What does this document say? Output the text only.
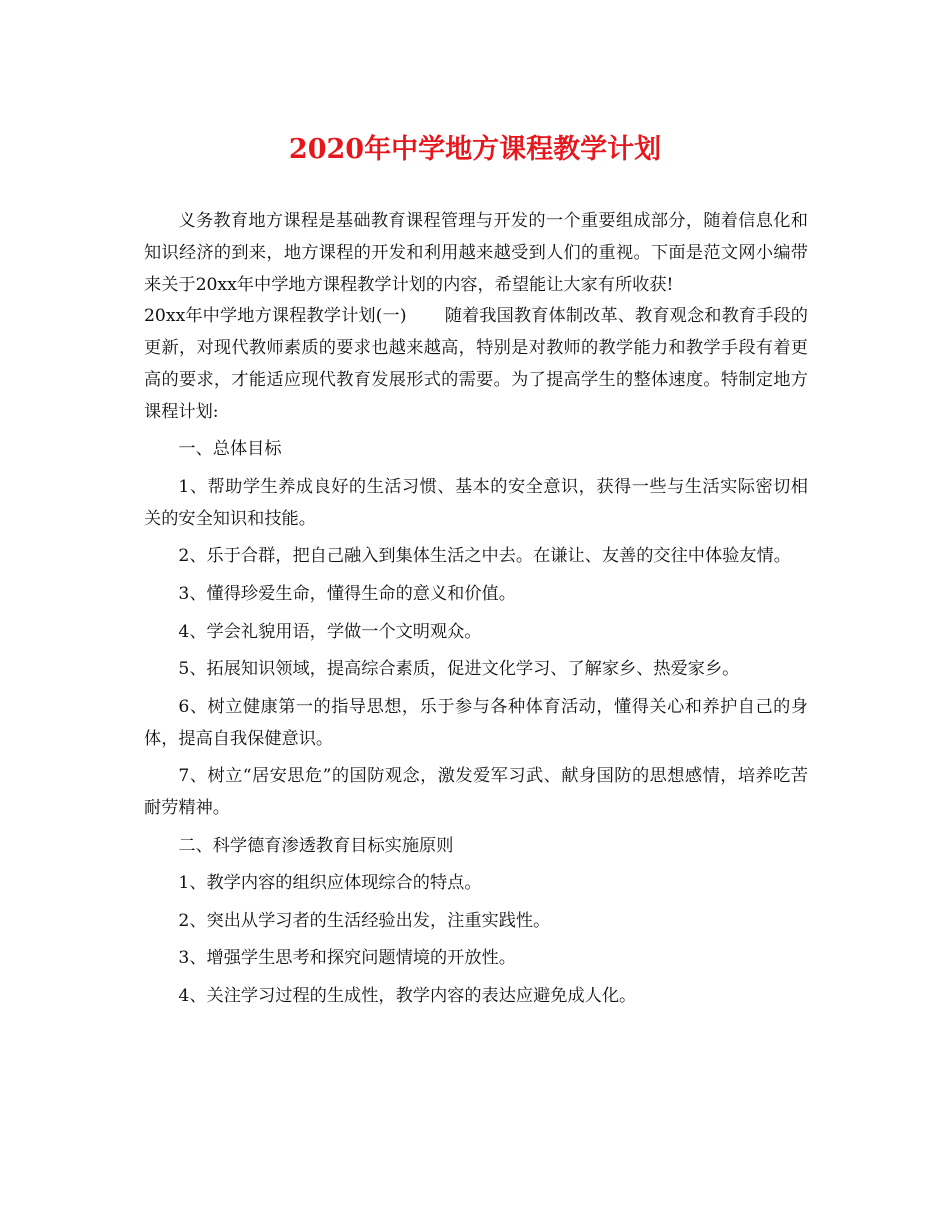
2020年中学地方课程教学计划

义务教育地方课程是基础教育课程管理与开发的一个重要组成部分，随着信息化和知识经济的到来，地方课程的开发和利用越来越受到人们的重视。下面是范文网小编带来关于20xx年中学地方课程教学计划的内容，希望能让大家有所收获!

20xx年中学地方课程教学计划(一) 随着我国教育体制改革、教育观念和教育手段的更新，对现代教师素质的要求也越来越高，特别是对教师的教学能力和教学手段有着更高的要求，才能适应现代教育发展形式的需要。为了提高学生的整体速度。特制定地方课程计划:

一、总体目标

1、帮助学生养成良好的生活习惯、基本的安全意识，获得一些与生活实际密切相关的安全知识和技能。

2、乐于合群，把自己融入到集体生活之中去。在谦让、友善的交往中体验友情。

3、懂得珍爱生命，懂得生命的意义和价值。

4、学会礼貌用语，学做一个文明观众。

5、拓展知识领域，提高综合素质，促进文化学习、了解家乡、热爱家乡。

6、树立健康第一的指导思想，乐于参与各种体育活动，懂得关心和养护自己的身体，提高自我保健意识。

7、树立“居安思危”的国防观念，激发爱军习武、献身国防的思想感情，培养吃苦耐劳精神。

二、科学德育渗透教育目标实施原则

1、教学内容的组织应体现综合的特点。

2、突出从学习者的生活经验出发，注重实践性。

3、增强学生思考和探究问题情境的开放性。

4、关注学习过程的生成性，教学内容的表达应避免成人化。
